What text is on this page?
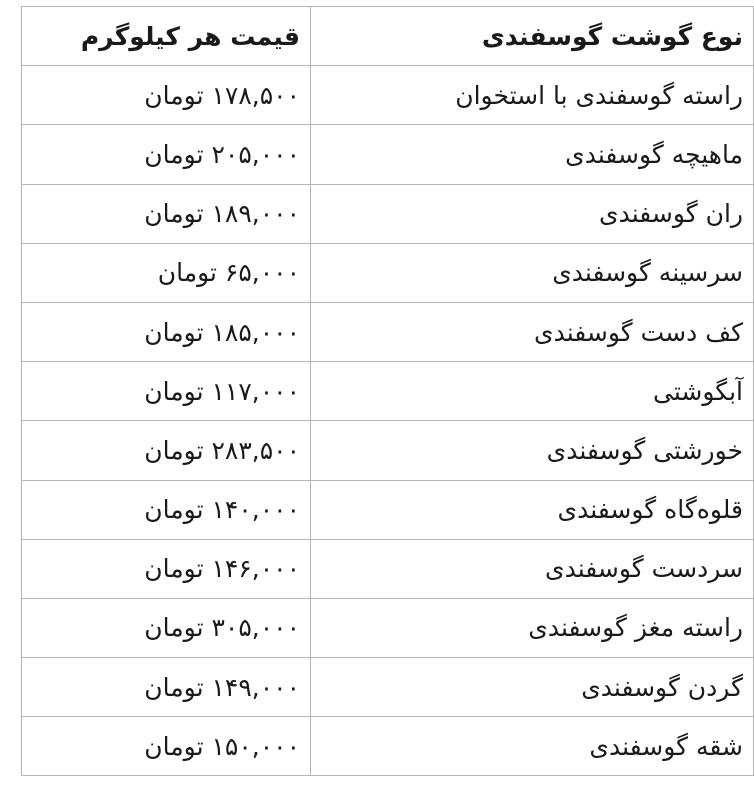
نوع گوشت گوسفندی	قیمت هر کیلوگرم
راسته گوسفندی با استخوان	۱۷۸,۵۰۰ تومان
ماهیچه گوسفندی	۲۰۵,۰۰۰ تومان
ران گوسفندی	۱۸۹,۰۰۰ تومان
سرسینه گوسفندی	۶۵,۰۰۰ تومان
کف دست گوسفندی	۱۸۵,۰۰۰ تومان
آبگوشتی	۱۱۷,۰۰۰ تومان
خورشتی گوسفندی	۲۸۳,۵۰۰ تومان
قلوه‌گاه گوسفندی	۱۴۰,۰۰۰ تومان
سردست گوسفندی	۱۴۶,۰۰۰ تومان
راسته مغز گوسفندی	۳۰۵,۰۰۰ تومان
گردن گوسفندی	۱۴۹,۰۰۰ تومان
شقه گوسفندی	۱۵۰,۰۰۰ تومان
